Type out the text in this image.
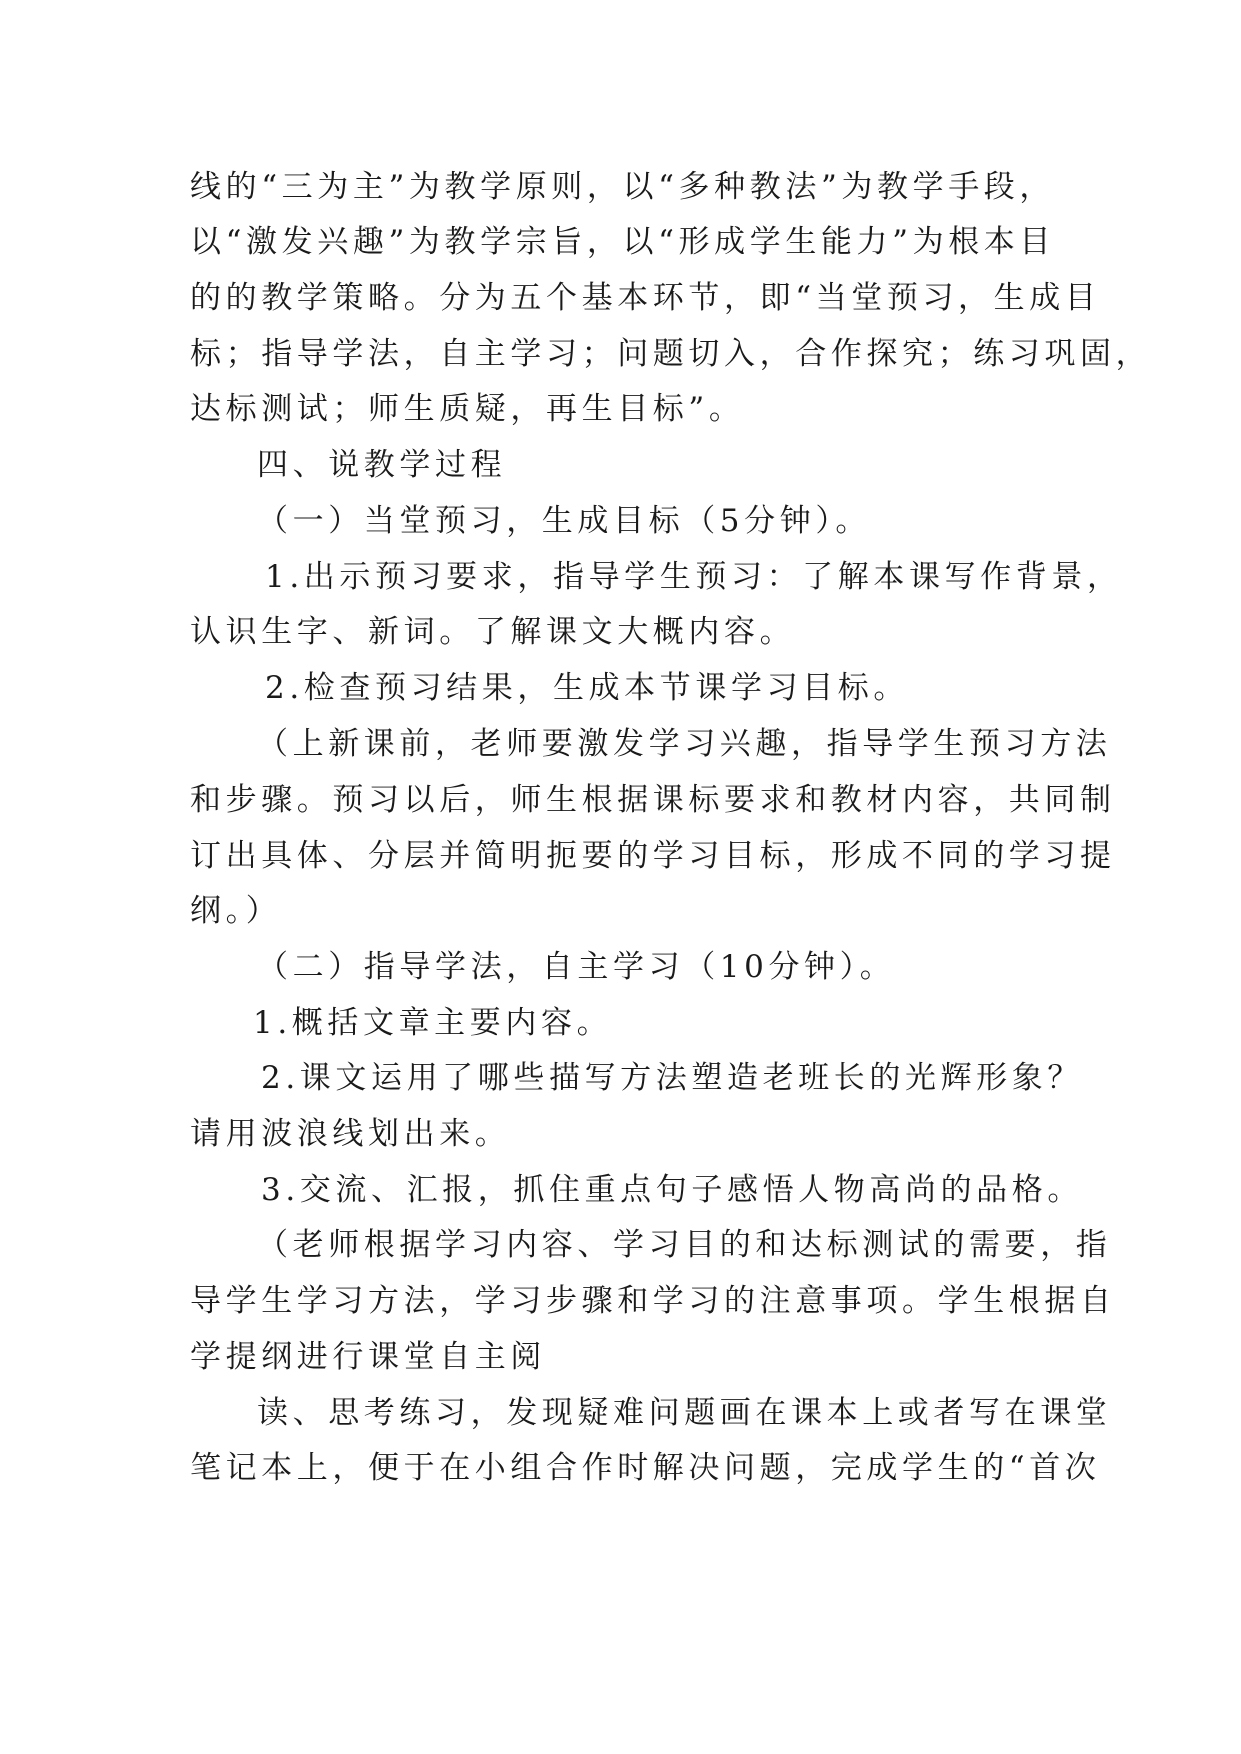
线的“三为主”为教学原则，以“多种教法”为教学手段，
以“激发兴趣”为教学宗旨，以“形成学生能力”为根本目
的的教学策略。分为五个基本环节，即“当堂预习，生成目
标；指导学法，自主学习；问题切入，合作探究；练习巩固，
达标测试；师生质疑，再生目标”。
四、说教学过程
（一）当堂预习，生成目标（5分钟）。
1.出示预习要求，指导学生预习：了解本课写作背景，
认识生字、新词。了解课文大概内容。
2.检查预习结果，生成本节课学习目标。
（上新课前，老师要激发学习兴趣，指导学生预习方法
和步骤。预习以后，师生根据课标要求和教材内容，共同制
订出具体、分层并简明扼要的学习目标，形成不同的学习提
纲。）
（二）指导学法，自主学习（10分钟）。
1.概括文章主要内容。
2.课文运用了哪些描写方法塑造老班长的光辉形象？
请用波浪线划出来。
3.交流、汇报，抓住重点句子感悟人物高尚的品格。
（老师根据学习内容、学习目的和达标测试的需要，指
导学生学习方法，学习步骤和学习的注意事项。学生根据自
学提纲进行课堂自主阅
读、思考练习，发现疑难问题画在课本上或者写在课堂
笔记本上，便于在小组合作时解决问题，完成学生的“首次
